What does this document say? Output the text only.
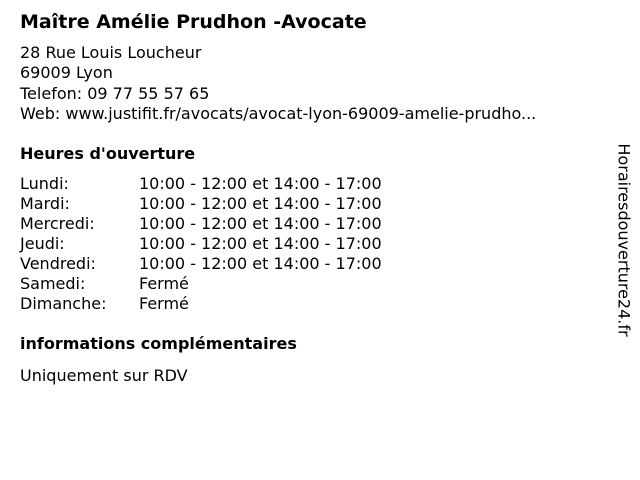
Maître Amélie Prudhon -Avocate
28 Rue Louis Loucheur
69009 Lyon
Telefon: 09 77 55 57 65
Web: www.justifit.fr/avocats/avocat-lyon-69009-amelie-prudho...
Heures d'ouverture
Lundi:	10:00 - 12:00 et 14:00 - 17:00
Mardi:	10:00 - 12:00 et 14:00 - 17:00
Mercredi:	10:00 - 12:00 et 14:00 - 17:00
Jeudi:	10:00 - 12:00 et 14:00 - 17:00
Vendredi:	10:00 - 12:00 et 14:00 - 17:00
Samedi:	Fermé
Dimanche: Fermé
informations complémentaires
Uniquement sur RDV
Horairesdouverture24.fr
